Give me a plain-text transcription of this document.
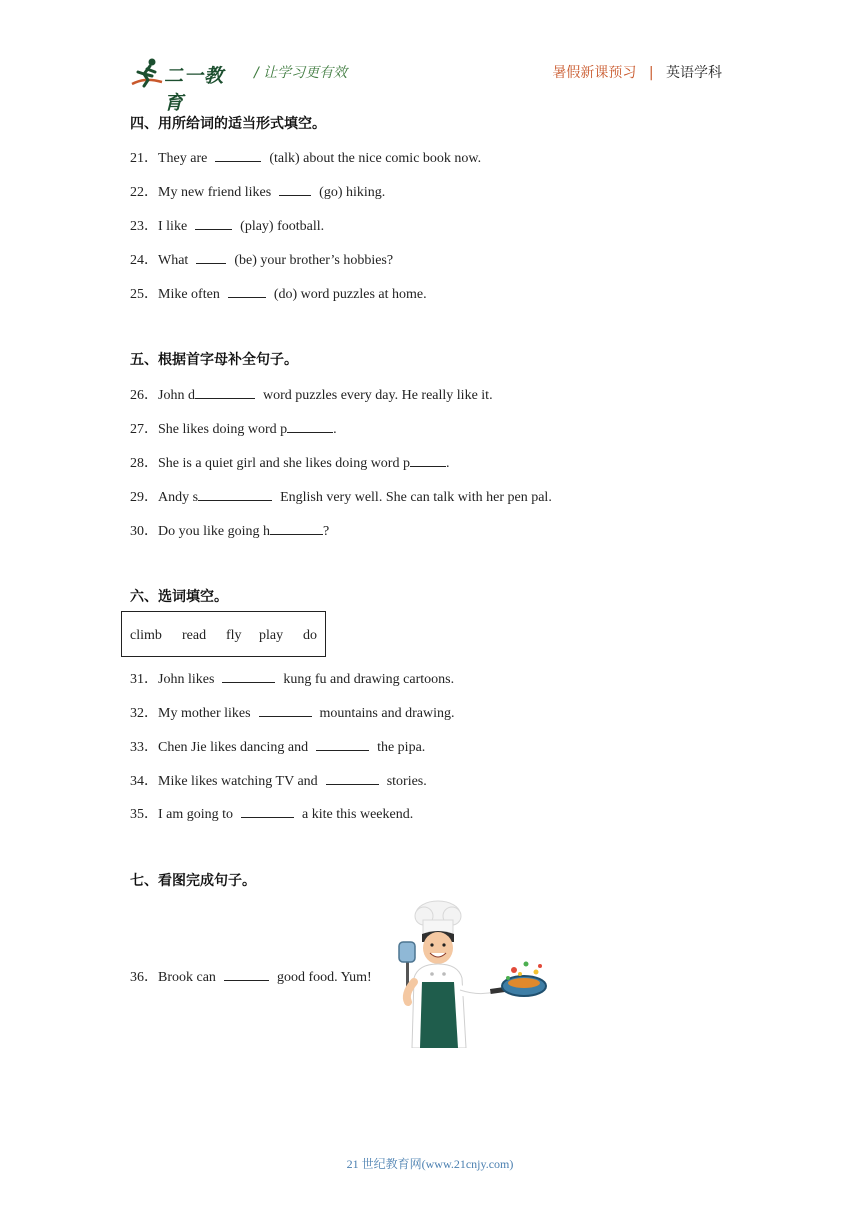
二一教育
/ 让学习更有效	暑假新课预习 | 英语学科
四、用所给词的适当形式填空。
21．They are	(talk) about the nice comic book now.
22．My new friend likes	(go) hiking.
23．I like	(play) football.
24．What	(be) your brother’s hobbies?
25．Mike often	(do) word puzzles at home.
五、根据首字母补全句子。
26．John d	word puzzles every day. He really like it.
27．She likes doing word p	.
28．She is a quiet girl and she likes doing word p	.
29．Andy s	English very well. She can talk with her pen pal.
30．Do you like going h	?
六、选词填空。
climb read fly play do
31．John likes	kung fu and drawing cartoons.
32．My mother likes	mountains and drawing.
33．Chen Jie likes dancing and	the pipa.
34．Mike likes watching TV and	stories.
35．I am going to	a kite this weekend.
七、看图完成句子。
36．Brook can	good food. Yum!
21 世纪教育网(www.21cnjy.com)
